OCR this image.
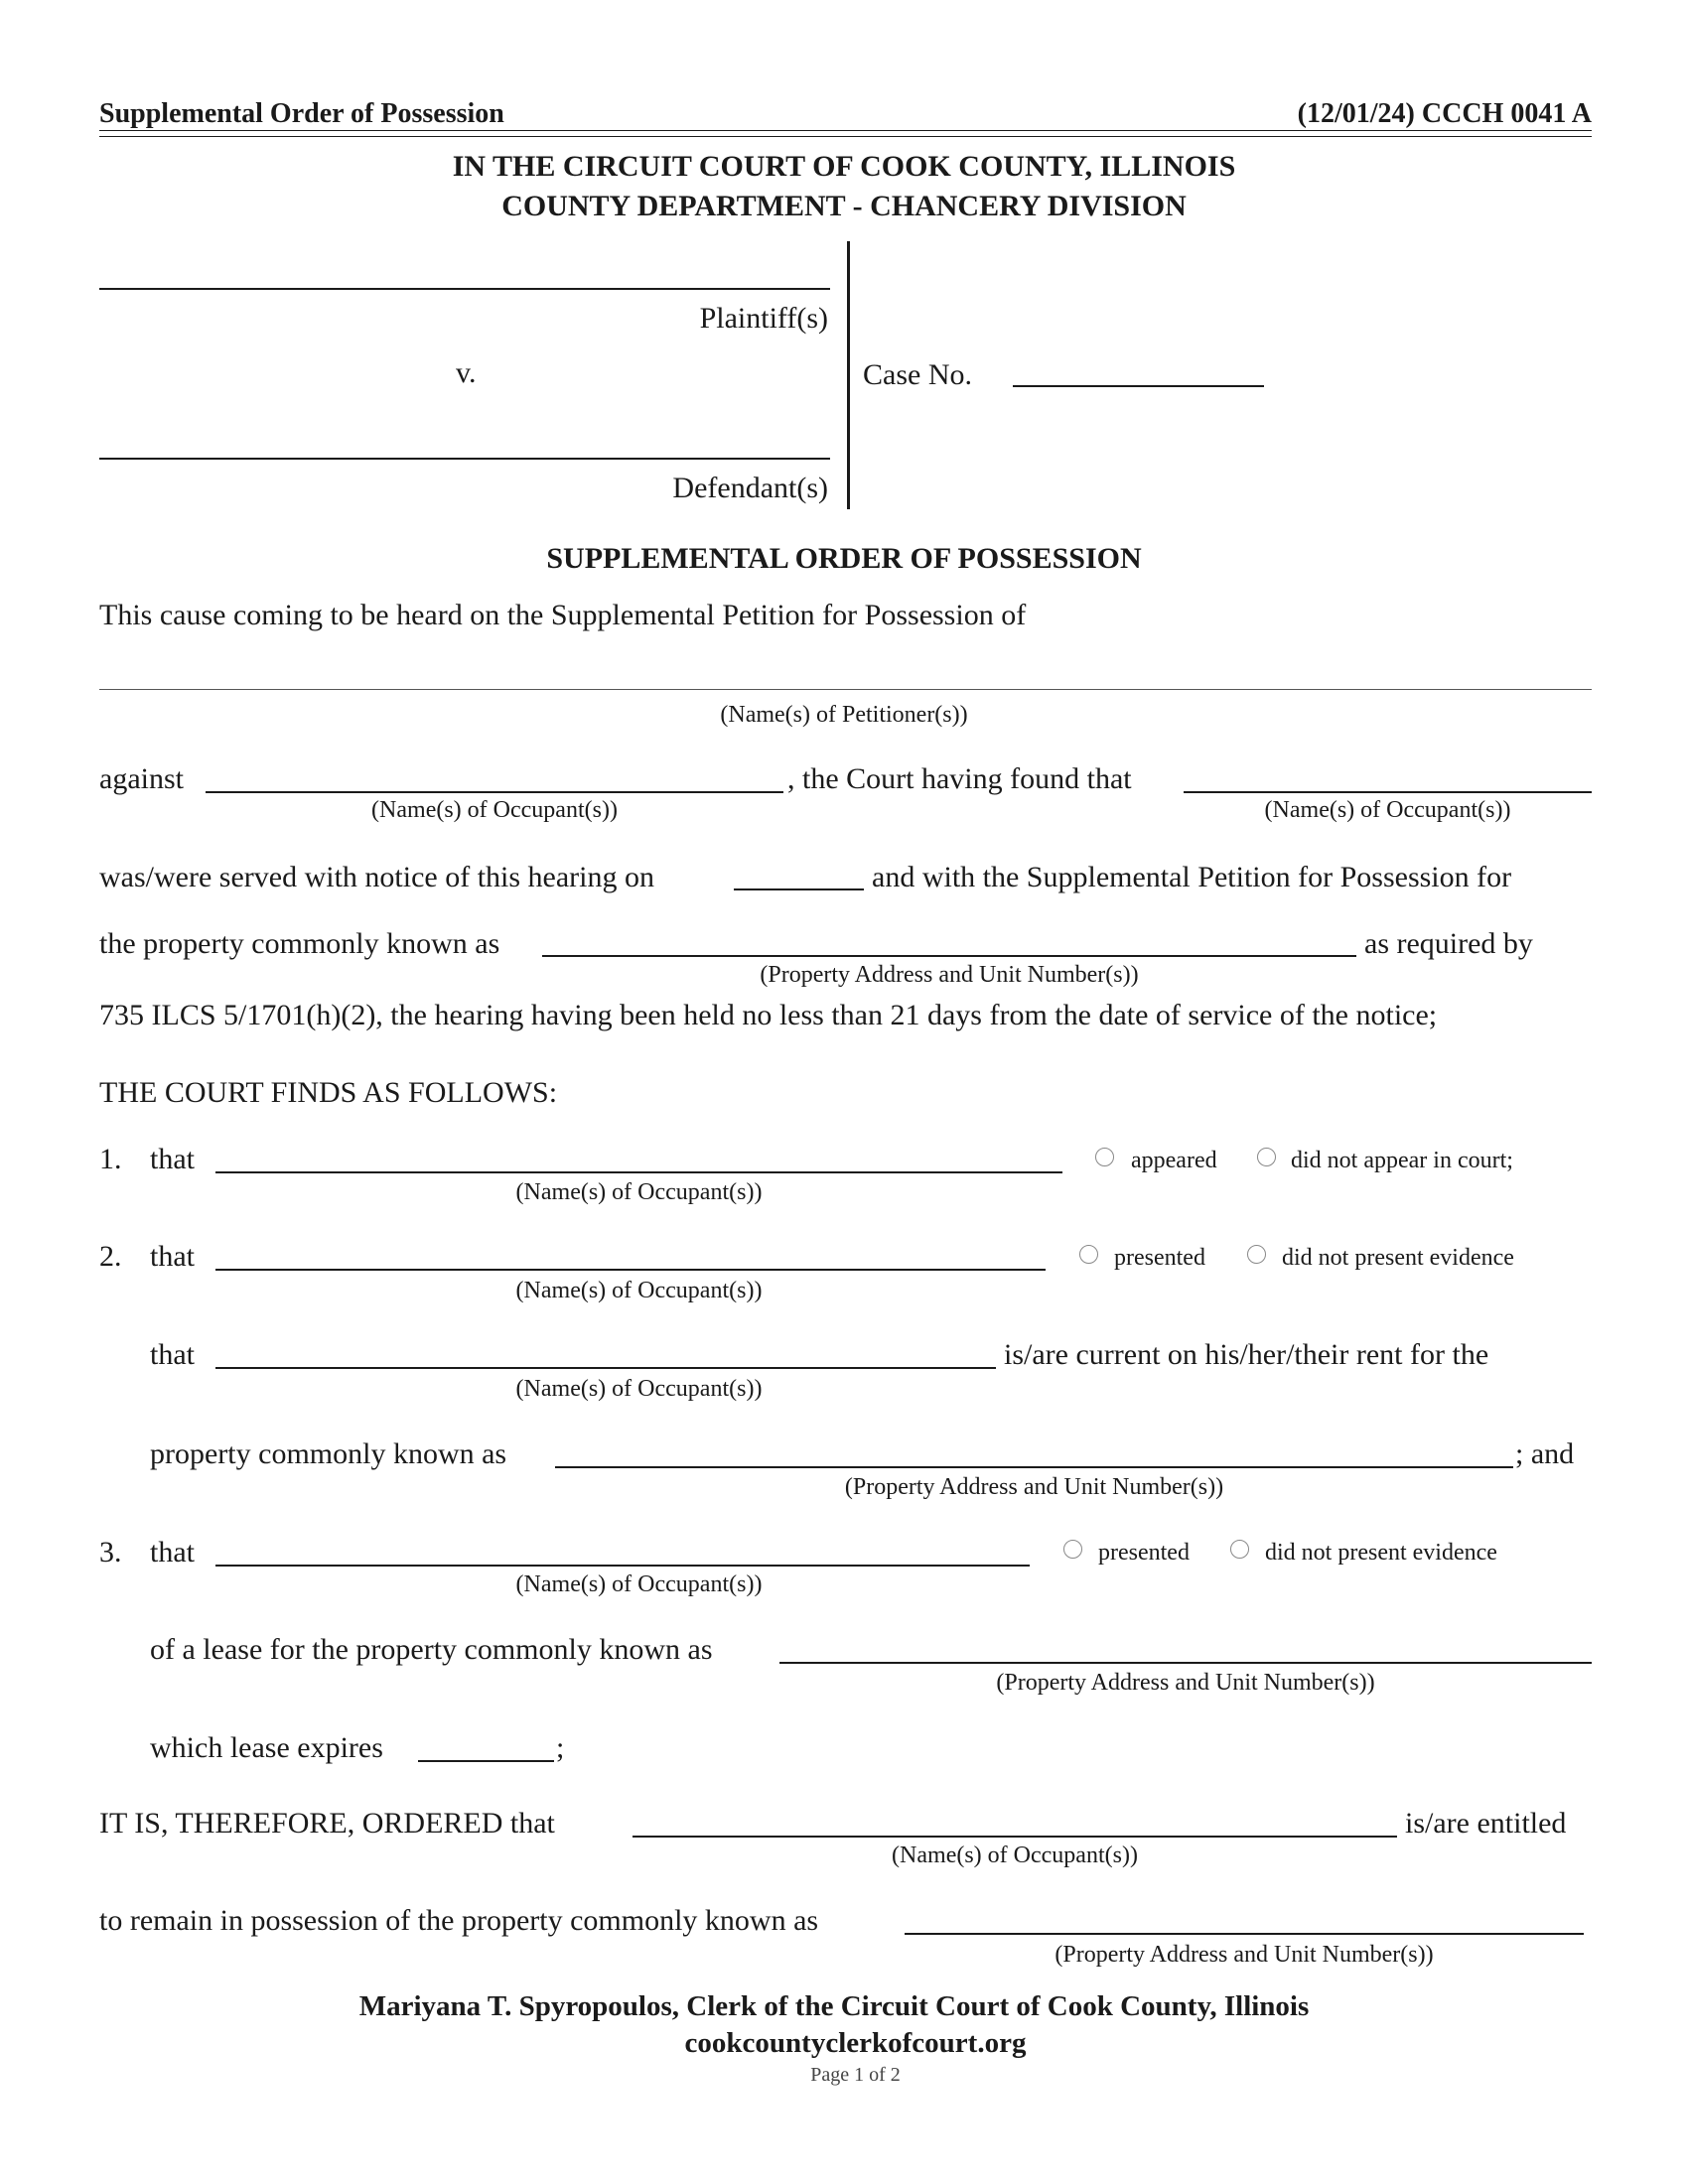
Supplemental Order of Possession	(12/01/24) CCCH 0041 A
IN THE CIRCUIT COURT OF COOK COUNTY, ILLINOIS
COUNTY DEPARTMENT - CHANCERY DIVISION
Plaintiff(s)
v.
Defendant(s)
Case No.
SUPPLEMENTAL ORDER OF POSSESSION
This cause coming to be heard on the Supplemental Petition for Possession of
(Name(s) of Petitioner(s))
against	, the Court having found that
(Name(s) of Occupant(s))	(Name(s) of Occupant(s))
was/were served with notice of this hearing on	and with the Supplemental Petition for Possession for
the property commonly known as	as required by
(Property Address and Unit Number(s))
735 ILCS 5/1701(h)(2), the hearing having been held no less than 21 days from the date of service of the notice;
THE COURT FINDS AS FOLLOWS:
1. that
(Name(s) of Occupant(s))
appeared	did not appear in court;
2. that
(Name(s) of Occupant(s))
presented	did not present evidence
that	is/are current on his/her/their rent for the
(Name(s) of Occupant(s))
property commonly known as	; and
(Property Address and Unit Number(s))
3. that
(Name(s) of Occupant(s))
presented	did not present evidence
of a lease for the property commonly known as
(Property Address and Unit Number(s))
which lease expires	;
IT IS, THEREFORE, ORDERED that	is/are entitled
(Name(s) of Occupant(s))
to remain in possession of the property commonly known as
(Property Address and Unit Number(s))
Mariyana T. Spyropoulos, Clerk of the Circuit Court of Cook County, Illinois
cookcountyclerkofcourt.org
Page 1 of 2
